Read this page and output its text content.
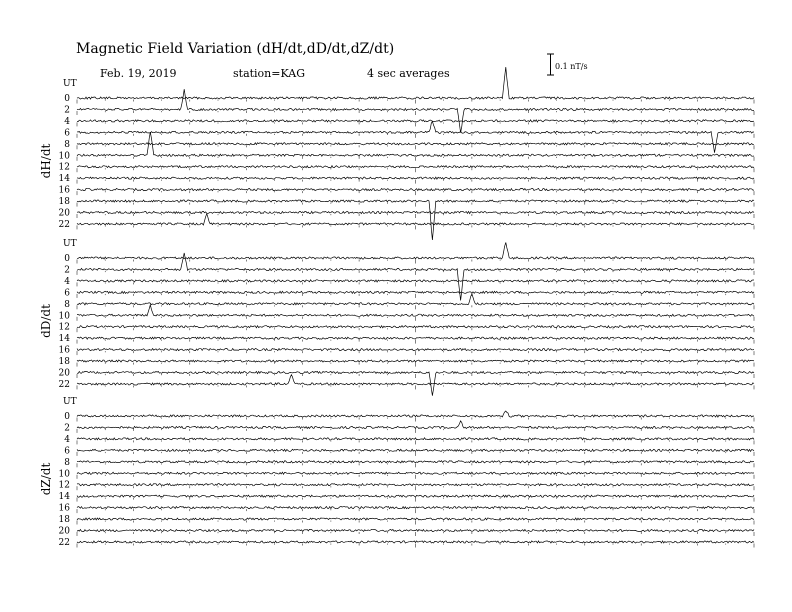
Magnetic Field Variation (dH/dt,dD/dt,dZ/dt)
Feb. 19, 2019	station=KAG	4 sec averages
0.1 nT/s
UT
dH/dt
0
2
4
6
8
10
12
14
16
18
20
22
UT
dD/dt
0
2
4
6
8
10
12
14
16
18
20
22
UT
dZ/dt
0
2
4
6
8
10
12
14
16
18
20
22
